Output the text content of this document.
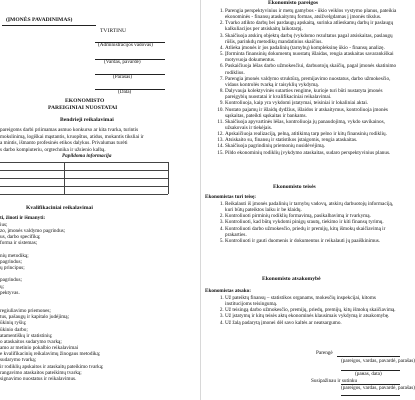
(ĮMONĖS PAVADINIMAS)
TVIRTINU
(Administracijos vadovas)
(Vardas, pavardė)
(Parašas)
(Data)
EKONOMISTO
PAREIGINIAI NUOSTATAI
Bendrieji reikalavimai
pareigoms darbi priimamas asmuo konkurso ar kita tvarka, turintis
mokslinimą, logiškai mąstantis, kruopštus, atidus, mokantis tiksliai ir
a mintis, išmanto profesinės etikos dalykus. Privalumas turėti
s darbo kompiuteriu, orgtechnika ir užsienio kalbą.
Papildoma informacija
Kvalifikaciniai reikalavimai
ti, žinoti ir išmanyti:
ius;
zo, įmonės valdymo pagrindus;
us, darbo specifiką;
forma ir sistemas;
nių metodiką;
pagrindus;
ų principus;
pagrindus;
ų;
pektyvas.
regiuliavimo priemones;
tus, pašaugų ir kapitalo judėjimą;
ūkinių ryšių;
ūkinio darbo;
atamentiškų ir statistinių;
o ataskaitos sudarymo tvarką;
amo ar metinio pokalbio reikalavimai
e kvalifikacinių reikalavimų žinogaus metodiką;
sudarymo tvarką;
ir rodiklių apskaitos ir ataskaitų pateikimo tvarką;
rangavimo ataskaitos pateikimų tvarką;
signavimo nuostatus ir reikalavimus.
Ekonomisto pareigos
1. Parengia perspektyvinius ir metų gamybos - ūkio veiklos vystymo planus, pateikia ekonominės - finansų ataskaitymų formas, atsižvelgdamas į įmonės tikslus.
2. Tvarko atlikto darbų bei pardaugų apskaitą, surinka atlieskamų darbų ir paslaugų kalkuliacijos per atsiskaitų laikotarpį.
3. Skaičiuoja atskirų objektų darbų (vykdomo rezultatus pagal atsiskaitas, paslaugų rūšis, parinkdų metodikų mandatinius skaičius.
4. Atlieka įmonės ir jos padalinių (tarnybų) kompleksinę ūkio - finansų analizę.
5. Įforminta finansinių dokumentų nuostatų išlaidas, rengia ataskaitas savarankiškai motyvuoja dokumentus.
6. Paskaičiuoja lėšas darbo užmokesčiui, darbuotojų skaičių, pagal įmonės skatinimo rodiklius.
7. Parengia įmonės valdymo struktūrą, premijavimo nuostatus, darbo užmokesčio, vidaus kontrolės tvarką ir taisyklių vykdymą.
8. Dalyvauja kolektyvinės sutarties rengime, kurioje turi būti nustatyta įmonės pareigybių nuostatai ir kvalifikaciniai reikalavimai.
9. Kontroliuoja, kaip yra vykdomi įstatymai, teisiniai ir lokaliniai aktai.
10. Nustato pajamų ir išlaidų dydžius, išlaidos ir atskaitymus, kontroliuoja įmonės sąskaitas, pateikti sąskaitas ir bankams.
11. Skaičiuoja apyvartinės lėšas, kontroliuoja jų panaudojimą, vykdo savikainos, užsakovais ir tiekėjais.
12. Apskaičiuoja realizaciją, pelną, atitikimą tarp pelno ir kitų finansinių rodiklių.
13. Atsiskaito su, finansų ir statistikos įstaigomis, rengia ataskaitas.
14. Skaičiuoja pagrindinių priemonių nusidėvėjimą.
15. Pildo ekonominių rodiklių įvykdymo ataskaitas, sudaro perspektyvinius planus.
Ekonomisto teisės
Ekonomistas turi teisę:
1. Reikalauti iš įmonės padalinių ir tarnybų vadovų, atskirų darbuotojų informaciją, kuri būtų pateiktos laiku ir be klaidų.
2. Kontroliuoti pirminių rodiklių formavimą, pasikalbavimą ir tvarkymą.
3. Kontroliuoti, kad būtų vykdomi pinigų srautų, tiekimo ir kiti finansų tyrimų.
4. Kontroliuoti darbo užmokesčio, priedų ir premijų, kitų išmokų skaičiavimą ir prakarties.
5. Kontroliuoti ir gauti duomenis ir dokumentus ir reikalauti jų paaiškinimus.
Ekonomisto atsakomybė
Ekonomistas atsako:
1. Už pateiktų finansų – statistikos organams, mokesčių inspekcijai, kitoms institucijoms teisingumą.
2. Už teisingą darbo užmokesčio, premijų, priedų, premijų, kitų išmokų skaičiavimą.
3. Už įstatymų ir kitų teisės aktų ekonominės klausimais vykdymą ir atsakomybę.
4. Už žalą padarytą įmonei dėl savo kaltės ar neatsargumo.
Parengė
(pareigos, vardas, pavardė, parašas)
(ранas, data)
Susipažinau ir sutinku
(pareigos, vardas, pavardė, parašas)
